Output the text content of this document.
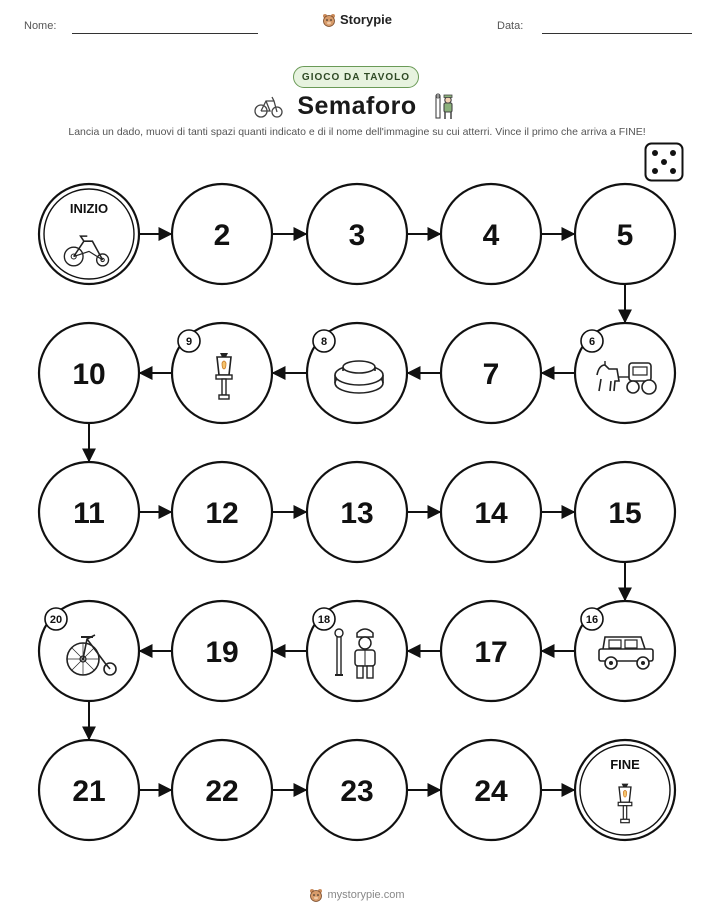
Nome:	Storypie	Data:
GIOCO DA TAVOLO
Semaforo
Lancia un dado, muovi di tanti spazi quanti indicato e di il nome dell'immagine su cui atterri. Vince il primo che arriva a FINE!
INIZIO
2	3	4	5
6
7
8
9
10
11	12	13	14	15
16
17
18
19
20
21	22	23	24
FINE
mystorypie.com
